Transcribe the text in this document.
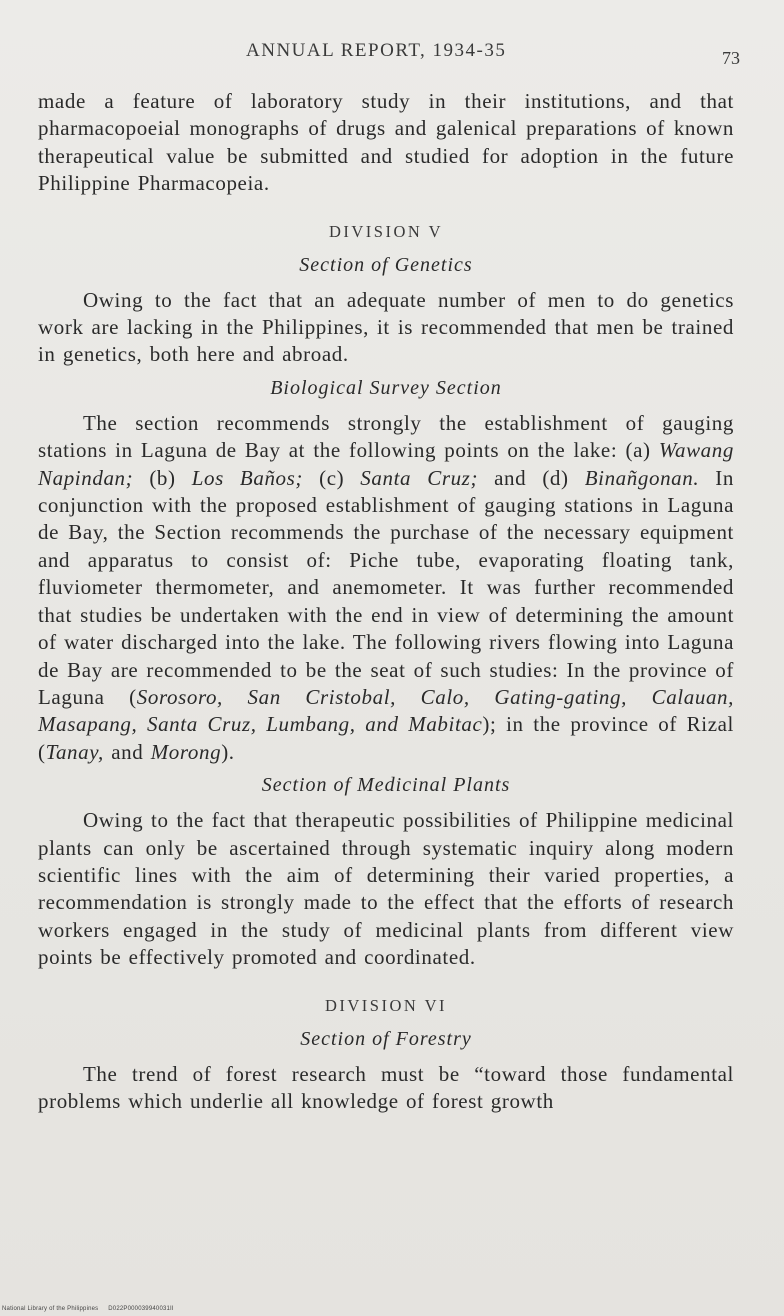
ANNUAL REPORT, 1934-35	73

made a feature of laboratory study in their institutions, and that pharmacopoeial monographs of drugs and galenical preparations of known therapeutical value be submitted and studied for adoption in the future Philippine Pharmacopeia.

DIVISION V
Section of Genetics

Owing to the fact that an adequate number of men to do genetics work are lacking in the Philippines, it is recommended that men be trained in genetics, both here and abroad.

Biological Survey Section

The section recommends strongly the establishment of gauging stations in Laguna de Bay at the following points on the lake: (a) Wawang Napindan; (b) Los Baños; (c) Santa Cruz; and (d) Binañgonan. In conjunction with the proposed establishment of gauging stations in Laguna de Bay, the Section recommends the purchase of the necessary equipment and apparatus to consist of: Piche tube, evaporating floating tank, fluviometer thermometer, and anemometer. It was further recommended that studies be undertaken with the end in view of determining the amount of water discharged into the lake. The following rivers flowing into Laguna de Bay are recommended to be the seat of such studies: In the province of Laguna (Sorosoro, San Cristobal, Calo, Gating-gating, Calauan, Masapang, Santa Cruz, Lumbang, and Mabitac); in the province of Rizal (Tanay, and Morong).

Section of Medicinal Plants

Owing to the fact that therapeutic possibilities of Philippine medicinal plants can only be ascertained through systematic inquiry along modern scientific lines with the aim of determining their varied properties, a recommendation is strongly made to the effect that the efforts of research workers engaged in the study of medicinal plants from different view points be effectively promoted and coordinated.

DIVISION VI
Section of Forestry

The trend of forest research must be “toward those fundamental problems which underlie all knowledge of forest growth

National Library of the Philippines D022P000039940031II
